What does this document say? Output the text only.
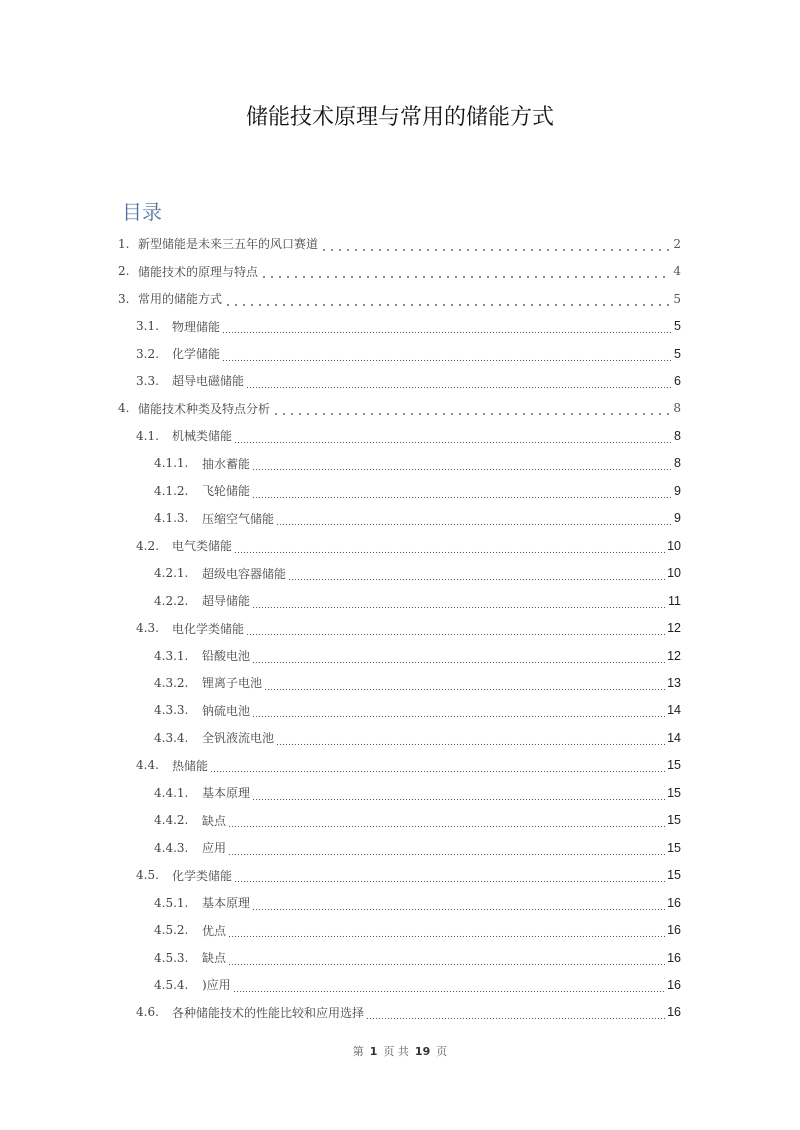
储能技术原理与常用的储能方式
目录
1. 新型储能是未来三五年的风口赛道	2
2. 储能技术的原理与特点	4
3. 常用的储能方式	5
3.1.	物理储能	5
3.2.	化学储能	5
3.3.	超导电磁储能	6
4. 储能技术种类及特点分析	8
4.1.	机械类储能	8
4.1.1.	抽水蓄能	8
4.1.2.	飞轮储能	9
4.1.3.	压缩空气储能	9
4.2.	电气类储能	10
4.2.1.	超级电容器储能	10
4.2.2.	超导储能	11
4.3.	电化学类储能	12
4.3.1.	铅酸电池	12
4.3.2.	锂离子电池	13
4.3.3.	钠硫电池	14
4.3.4.	全钒液流电池	14
4.4.	热储能	15
4.4.1.	基本原理	15
4.4.2.	缺点	15
4.4.3.	应用	15
4.5.	化学类储能	15
4.5.1.	基本原理	16
4.5.2.	优点	16
4.5.3.	缺点	16
4.5.4.	)应用	16
4.6.	各种储能技术的性能比较和应用选择	16
第 1 页 共 19 页
